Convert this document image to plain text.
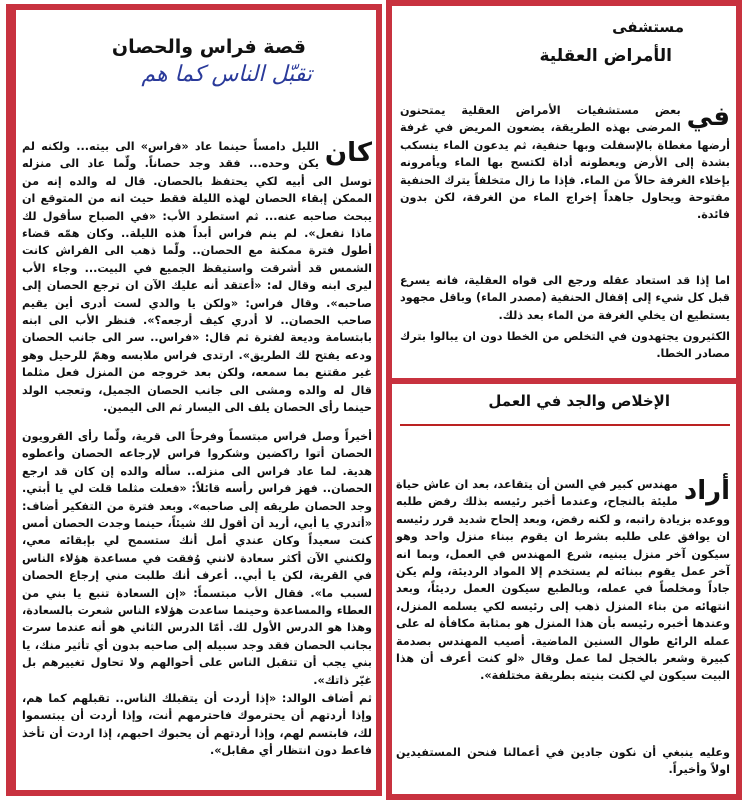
قصة فراس والحصان
تقبّل الناس كما هم
كان
الليل دامساً حينما عاد «فراس» الى بيته... ولكنه لم يكن وحده... فقد وجد حصاناً. ولّما عاد الى منزله توسل الى أبيه لكي يحتفظ بالحصان. قال له والده إنه من الممكن إبقاء الحصان لهذه الليلة فقط حيث انه من المتوقع ان يبحث صاحبه عنه... ثم استطرد الأب: «في الصباح سأقول لك ماذا نفعل». لم ينم فراس أبداً هذه الليلة.. وكان همّه قضاء أطول فترة ممكنة مع الحصان.. ولّما ذهب الى الفراش كانت الشمس قد أشرقت واستيقظ الجميع في البيت... وجاء الأب ليرى ابنه وقال له: «أعتقد أنه عليك الآن ان ترجع الحصان إلى صاحبه». وقال فراس: «ولكن يا والدي لست أدرى أين يقيم صاحب الحصان.. لا أدري كيف أرجعه؟». فنظر الأب الى ابنه بابتسامة وديعة لفترة ثم قال: «فراس.. سر الى جانب الحصان ودعه يفتح لك الطريق». ارتدى فراس ملابسه وهمّ للرحيل وهو غير مقتنع بما سمعه، ولكن بعد خروجه من المنزل فعل مثلما قال له والده ومشى الى جانب الحصان الجميل، وتعجب الولد حينما رأى الحصان يلف الى اليسار ثم الى اليمين.
أخيراً وصل فراس مبتسماً وفرحاً الى قرية، ولّما رأى القرويون الحصان أتوا راكضين وشكروا فراس لإرجاعه الحصان وأعطوه هدية. لما عاد فراس الى منزله.. سأله والده إن كان قد ارجع الحصان.. فهز فراس رأسه قائلاً: «فعلت مثلما قلت لي يا أبتي. وجد الحصان طريقه إلى صاحبه». وبعد فترة من التفكير أضاف: «أتدري يا أبي، أريد أن أقول لك شيئاً، حينما وجدت الحصان أمس كنت سعيداً وكان عندي أمل أنك ستسمح لي بإبقائه معي، ولكنني الآن أكثر سعادة لانني وُفقت في مساعدة هؤلاء الناس في القرية، لكن يا أبي.. أعرف أنك طلبت مني إرجاع الحصان لسبب ما». فقال الأب مبتسماً: «إن السعادة تنبع يا بني من العطاء والمساعدة وحينما ساعدت هؤلاء الناس شعرت بالسعادة، وهذا هو الدرس الأول لك. أمّا الدرس الثاني هو أنه عندما سرت بجانب الحصان فقد وجد سبيله إلى صاحبه بدون أي تأثير منك، يا بني يجب أن تتقبل الناس على أحوالهم ولا تحاول تغييرهم بل غيّر ذاتك».
ثم أضاف الوالد: «إذا أردت أن يتقبلك الناس.. تقبلهم كما هم، وإذا أردتهم أن يحترموك فاحترمهم أنت، وإذا أردت أن يبتسموا لك، فابتسم لهم، وإذا أردتهم أن يحبوك احبهم، إذا اردت أن تأخذ فاعط دون انتظار أي مقابل».
مستشفى
الأمراض العقلية
في
بعض مستشفيات الأمراض العقلية يمتحنون المرضى بهذه الطريقة، يضعون المريض في غرفة أرضها مغطاة بالإسفلت وبها حنفية، ثم يدعون الماء ينسكب بشدة إلى الأرض ويعطونه أداة لكتسح بها الماء ويأمرونه بإخلاء الغرفة حالاً من الماء. فإذا ما زال متخلفاً يترك الحنفية مفتوحة ويحاول جاهداً إخراج الماء من الغرفة، لكن بدون فائدة.
اما إذا قد استعاد عقله ورجع الى قواه العقلية، فانه يسرع قبل كل شيء إلى إقفال الحنفية (مصدر الماء) وباقل مجهود يستطيع ان يخلي الغرفة من الماء بعد ذلك.
الكثيرون يجتهدون في التخلص من الخطا دون ان يبالوا بترك مصادر الخطا.
الإخلاص والجد في العمل
أراد
مهندس كبير في السن أن يتقاعد، بعد ان عاش حياة مليئة بالنجاح، وعندما أخبر رئيسه بذلك رفض طلبه ووعده بزيادة راتبه، و لكنه رفض، وبعد إلحاح شديد قرر رئيسه ان يوافق على طلبه بشرط ان يقوم ببناء منزل واحد وهو سيكون آخر منزل يبنيه، شرع المهندس في العمل، وبما انه آخر عمل يقوم ببنائه لم يستخدم إلا المواد الرديئة، ولم يكن جاداً ومخلصاً في عمله، وبالطبع سيكون العمل رديئاً، وبعد انتهائه من بناء المنزل ذهب إلى رئيسه لكي يسلمه المنزل، وعندها أخبره رئيسه بأن هذا المنزل هو بمثابة مكافأة له على عمله الرائع طوال السنين الماضية. أصيب المهندس بصدمة كبيرة وشعر بالخجل لما عمل وقال «لو كنت أعرف أن هذا البيت سيكون لي لكنت بنيته بطريقة مختلفة».
وعليه ينبغي أن نكون جادين في أعمالنا فنحن المستفيدين اولاً وأخيراً.
